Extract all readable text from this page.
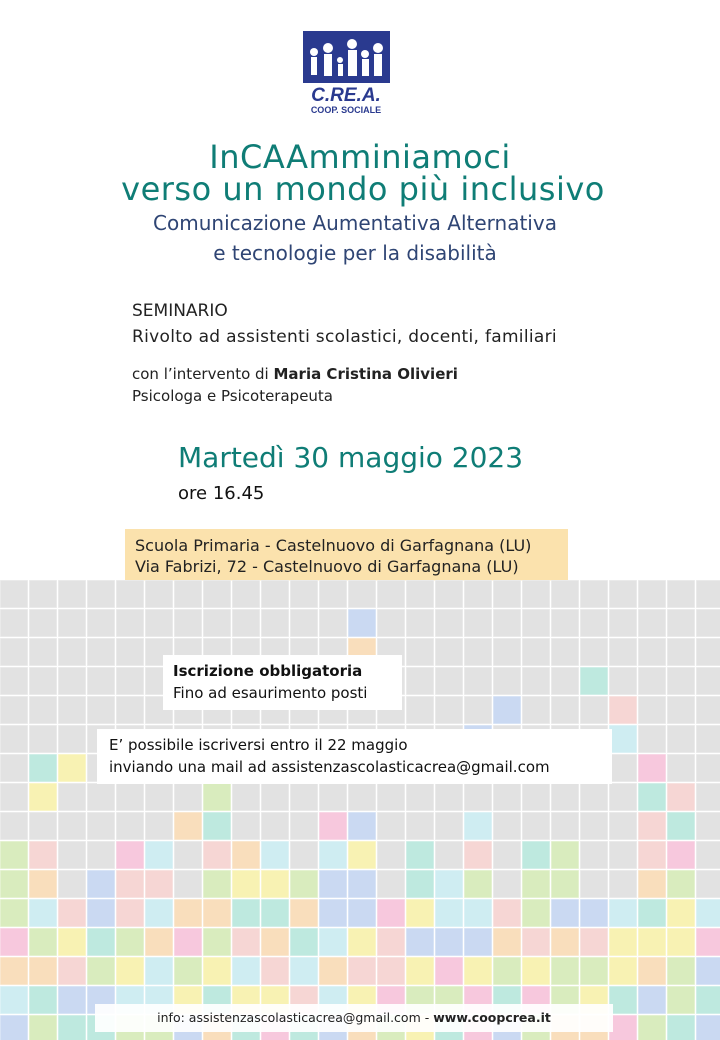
C.RE.A.
COOP. SOCIALE
InCAAmminiamoci
verso un mondo più inclusivo
Comunicazione Aumentativa Alternativa
e tecnologie per la disabilità
SEMINARIO
Rivolto ad assistenti scolastici, docenti, familiari
con l’intervento di Maria Cristina Olivieri
Psicologa e Psicoterapeuta
Martedì 30 maggio 2023
ore 16.45
Scuola Primaria - Castelnuovo di Garfagnana (LU)
Via Fabrizi, 72 - Castelnuovo di Garfagnana (LU)
Iscrizione obbligatoria
Fino ad esaurimento posti
E’ possibile iscriversi entro il 22 maggio
inviando una mail ad assistenzascolasticacrea@gmail.com
info: assistenzascolasticacrea@gmail.com - www.coopcrea.it
